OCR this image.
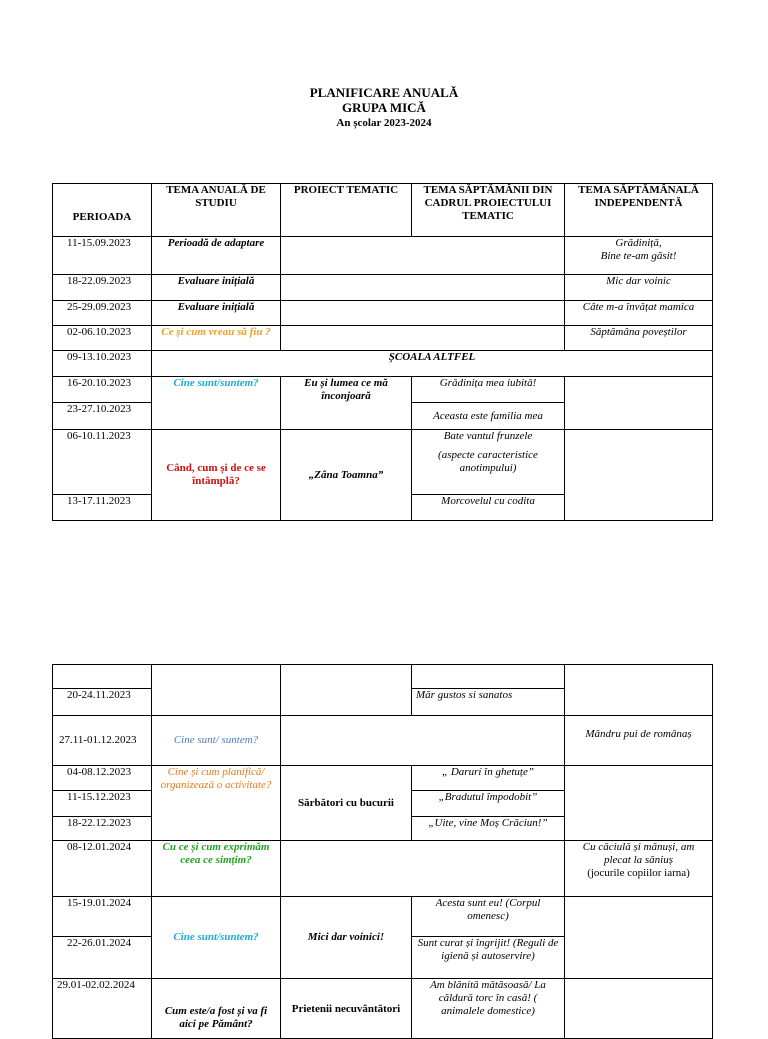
PLANIFICARE ANUALĂ
GRUPA MICĂ
An școlar 2023-2024
PERIOADA	TEMA ANUALĂ DE STUDIU	PROIECT TEMATIC	TEMA SĂPTĂMÂNII DIN CADRUL PROIECTULUI TEMATIC	TEMA SĂPTĂMÂNALĂ INDEPENDENTĂ
11-15.09.2023	Perioadă de adaptare			Grădiniță,
Bine te-am găsit!

18-22.09.2023	Evaluare inițială			Mic dar voinic
25-29.09.2023	Evaluare inițială			Câte m-a învățat mamica
02-06.10.2023	Ce și cum vreau să fiu ?			Săptămâna poveștilor
09-13.10.2023	ȘCOALA ALTFEL			
16-20.10.2023	Cine sunt/suntem?	Eu și lumea ce mă înconjoară	Grădinița mea iubită!	
23-27.10.2023			Aceasta este familia mea	
06-10.11.2023	Când, cum și de ce se întâmplă?	„Zâna Toamna”	Bate vantul frunzele
(aspecte caracteristice anotimpului)	

13-17.11.2023			Morcovelul cu codita	

20-24.11.2023			Măr gustos si sanatos	
27.11-01.12.2023	Cine sunt/ suntem?			Mândru pui de românaș
04-08.12.2023	Cine și cum planifică/ organizează o activitate?	Sărbători cu bucurii	„ Darurí în ghetuțe”	
11-15.12.2023			„Bradutul împodobit”	
18-22.12.2023			„Uite, vine Moș Crăciun!”	
08-12.01.2024	Cu ce și cum exprimăm ceea ce simțim?			Cu căciulă și mănuși, am plecat la săniuș
(jocurile copiilor iarna)

15-19.01.2024	Cine sunt/suntem?	Mici dar voinici!	Acesta sunt eu! (Corpul omenesc)	
22-26.01.2024			Sunt curat și îngrijit! (Reguli de igienă și autoservire)	
29.01-02.02.2024	Cum este/a fost și va fi aici pe Pământ?	Prietenii necuvântători	Am blănită mătăsoasă/ La căldură torc în casă! ( animalele domestice)	
